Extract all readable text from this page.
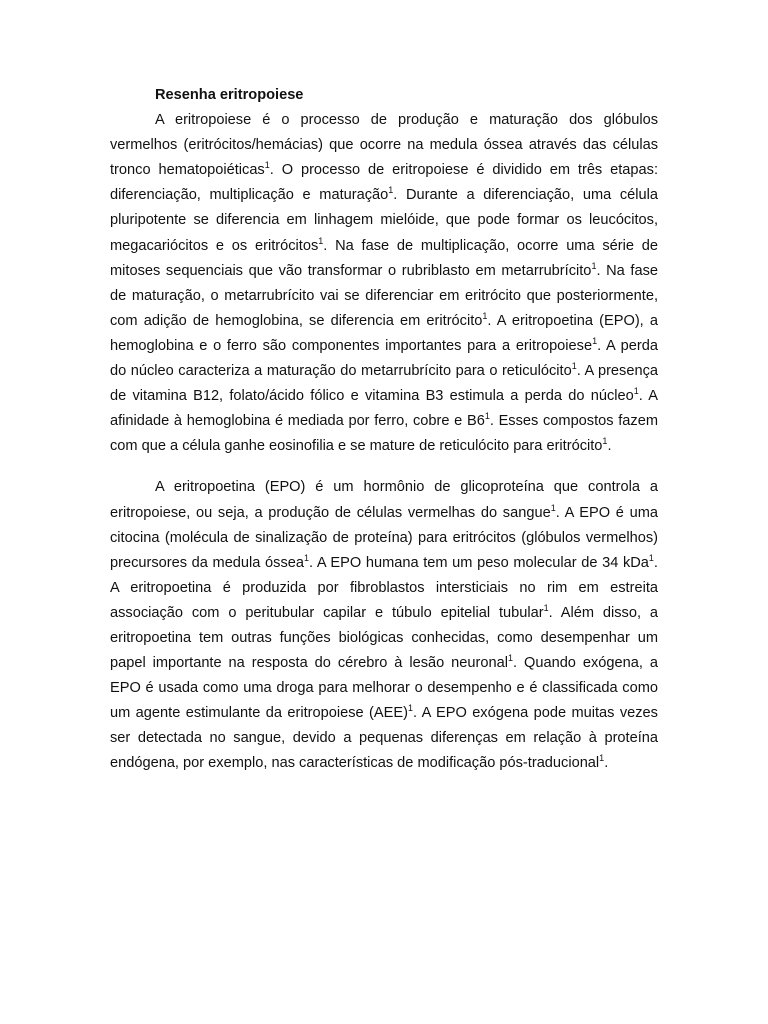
Resenha eritropoiese

A eritropoiese é o processo de produção e maturação dos glóbulos vermelhos (eritrócitos/hemácias) que ocorre na medula óssea através das células tronco hematopoiéticas$^1$. O processo de eritropoiese é dividido em três etapas: diferenciação, multiplicação e maturação$^1$. Durante a diferenciação, uma célula pluripotente se diferencia em linhagem mielóide, que pode formar os leucócitos, megacariócitos e os eritrócitos$^1$. Na fase de multiplicação, ocorre uma série de mitoses sequenciais que vão transformar o rubriblasto em metarrubrícito$^1$. Na fase de maturação, o metarrubrícito vai se diferenciar em eritrócito que posteriormente, com adição de hemoglobina, se diferencia em eritrócito$^1$. A eritropoetina (EPO), a hemoglobina e o ferro são componentes importantes para a eritropoiese$^1$. A perda do núcleo caracteriza a maturação do metarrubrícito para o reticulócito$^1$. A presença de vitamina B12, folato/ácido fólico e vitamina B3 estimula a perda do núcleo$^1$. A afinidade à hemoglobina é mediada por ferro, cobre e $B6^1$. Esses compostos fazem com que a célula ganhe eosinofilia e se mature de reticulócito para eritrócito$^1$.

A eritropoetina (EPO) é um hormônio de glicoproteína que controla a eritropoiese, ou seja, a produção de células vermelhas do sangue$^1$. A EPO é uma citocina (molécula de sinalização de proteína) para eritrócitos (glóbulos vermelhos) precursores da medula óssea$^1$. A EPO humana tem um peso molecular de 34 kDa$^1$. A eritropoetina é produzida por fibroblastos intersticiais no rim em estreita associação com o peritubular capilar e túbulo epitelial tubular$^1$. Além disso, a eritropoetina tem outras funções biológicas conhecidas, como desempenhar um papel importante na resposta do cérebro à lesão neuronal$^1$. Quando exógena, a EPO é usada como uma droga para melhorar o desempenho e é classificada como um agente estimulante da eritropoiese (AEE)$^1$. A EPO exógena pode muitas vezes ser detectada no sangue, devido a pequenas diferenças em relação à proteína endógena, por exemplo, nas características de modificação pós-traducional$^1$.
